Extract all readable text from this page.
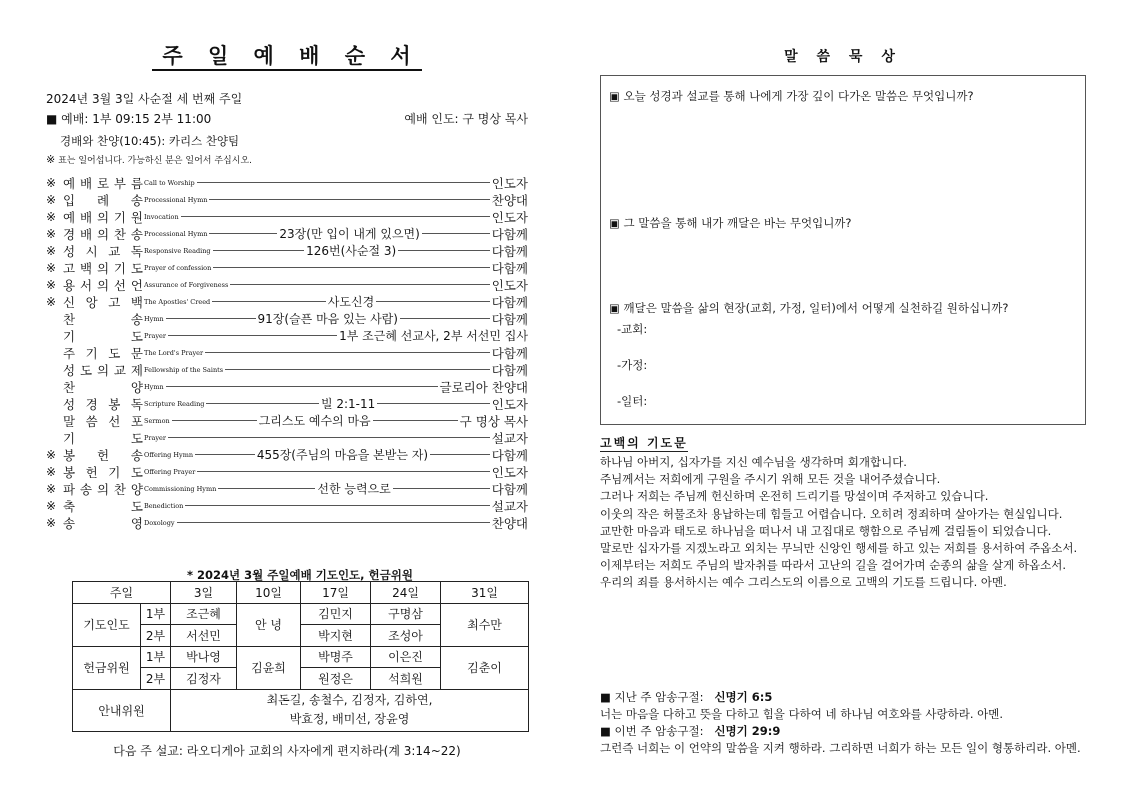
주 일 예 배 순 서
2024년 3월 3일 사순절 세 번째 주일
■ 예배: 1부 09:15 2부 11:00	예배 인도: 구 명상 목사
경배와 찬양(10:45): 카리스 찬양팀
※ 표는 일어섭니다. 가능하신 분은 일어서 주십시오.
※ 예 배 로 부 름 Call to Worship	인도자
※ 입 례 송 Processional Hymn	찬양대
※ 예 배 의 기 원 Invocation	인도자
※ 경 배 의 찬 송 Processional Hymn	23장(만 입이 내게 있으면)	다함께
※ 성 시 교 독 Responsive Reading	126번(사순절 3)	다함께
※ 고 백 의 기 도 Prayer of confession	다함께
※ 용 서 의 선 언 Assurance of Forgiveness	인도자
※ 신 앙 고 백 The Apostles' Creed	사도신경	다함께
찬	송 Hymn	91장(슬픈 마음 있는 사람)	다함께
기	도 Prayer	1부 조근혜 선교사, 2부 서선민 집사
주 기 도 문 The Lord's Prayer	다함께
성 도 의 교 제 Fellowship of the Saints	다함께
찬	양 Hymn	글로리아 찬양대
성 경 봉 독 Scripture Reading	빌 2:1-11	인도자
말 씀 선 포 Sermon	그리스도 예수의 마음	구 명상 목사
기	도 Prayer	설교자
※ 봉 헌 송 Offering Hymn	455장(주님의 마음을 본받는 자)	다함께
※ 봉 헌 기 도 Offering Prayer	인도자
※ 파 송 의 찬 양 Commissioning Hymn	선한 능력으로	다함께
※ 축	도 Benediction	설교자
※ 송	영 Doxology	찬양대
* 2024년 3월 주일예배 기도인도, 헌금위원
주일		3일	10일	17일	24일	31일
기도인도	1부	조근혜	안 녕	김민지	구명삼	최수만
	2부	서선민		박지현	조성아	
헌금위원	1부	박나영	김윤희	박명주	이은진	김춘이
	2부	김정자		원정은	석희원	
안내위원		최돈길, 송철수, 김정자, 김하연,
박효정, 배미선, 장윤영				
다음 주 설교: 라오디게아 교회의 사자에게 편지하라(계 3:14~22)
말 씀 묵 상
▣ 오늘 성경과 설교를 통해 나에게 가장 깊이 다가온 말씀은 무엇입니까?
▣ 그 말씀을 통해 내가 깨달은 바는 무엇입니까?
▣ 깨달은 말씀을 삶의 현장(교회, 가정, 일터)에서 어떻게 실천하길 원하십니까?
-교회:
-가정:
-일터:
고백의 기도문
하나님 아버지, 십자가를 지신 예수님을 생각하며 회개합니다.
주님께서는 저희에게 구원을 주시기 위해 모든 것을 내어주셨습니다.
그러나 저희는 주님께 헌신하며 온전히 드리기를 망설이며 주저하고 있습니다.
이웃의 작은 허물조차 용납하는데 힘들고 어렵습니다. 오히려 정죄하며 살아가는 현실입니다.
교만한 마음과 태도로 하나님을 떠나서 내 고집대로 행함으로 주님께 걸림돌이 되었습니다.
말로만 십자가를 지겠노라고 외치는 무늬만 신앙인 행세를 하고 있는 저희를 용서하여 주옵소서.
이제부터는 저희도 주님의 발자취를 따라서 고난의 길을 걸어가며 순종의 삶을 살게 하옵소서.
우리의 죄를 용서하시는 예수 그리스도의 이름으로 고백의 기도를 드립니다. 아멘.
■ 지난 주 암송구절: 신명기 6:5
너는 마음을 다하고 뜻을 다하고 힘을 다하여 네 하나님 여호와를 사랑하라. 아멘.
■ 이번 주 암송구절: 신명기 29:9
그런즉 너희는 이 언약의 말씀을 지켜 행하라. 그리하면 너희가 하는 모든 일이 형통하리라. 아멘.
